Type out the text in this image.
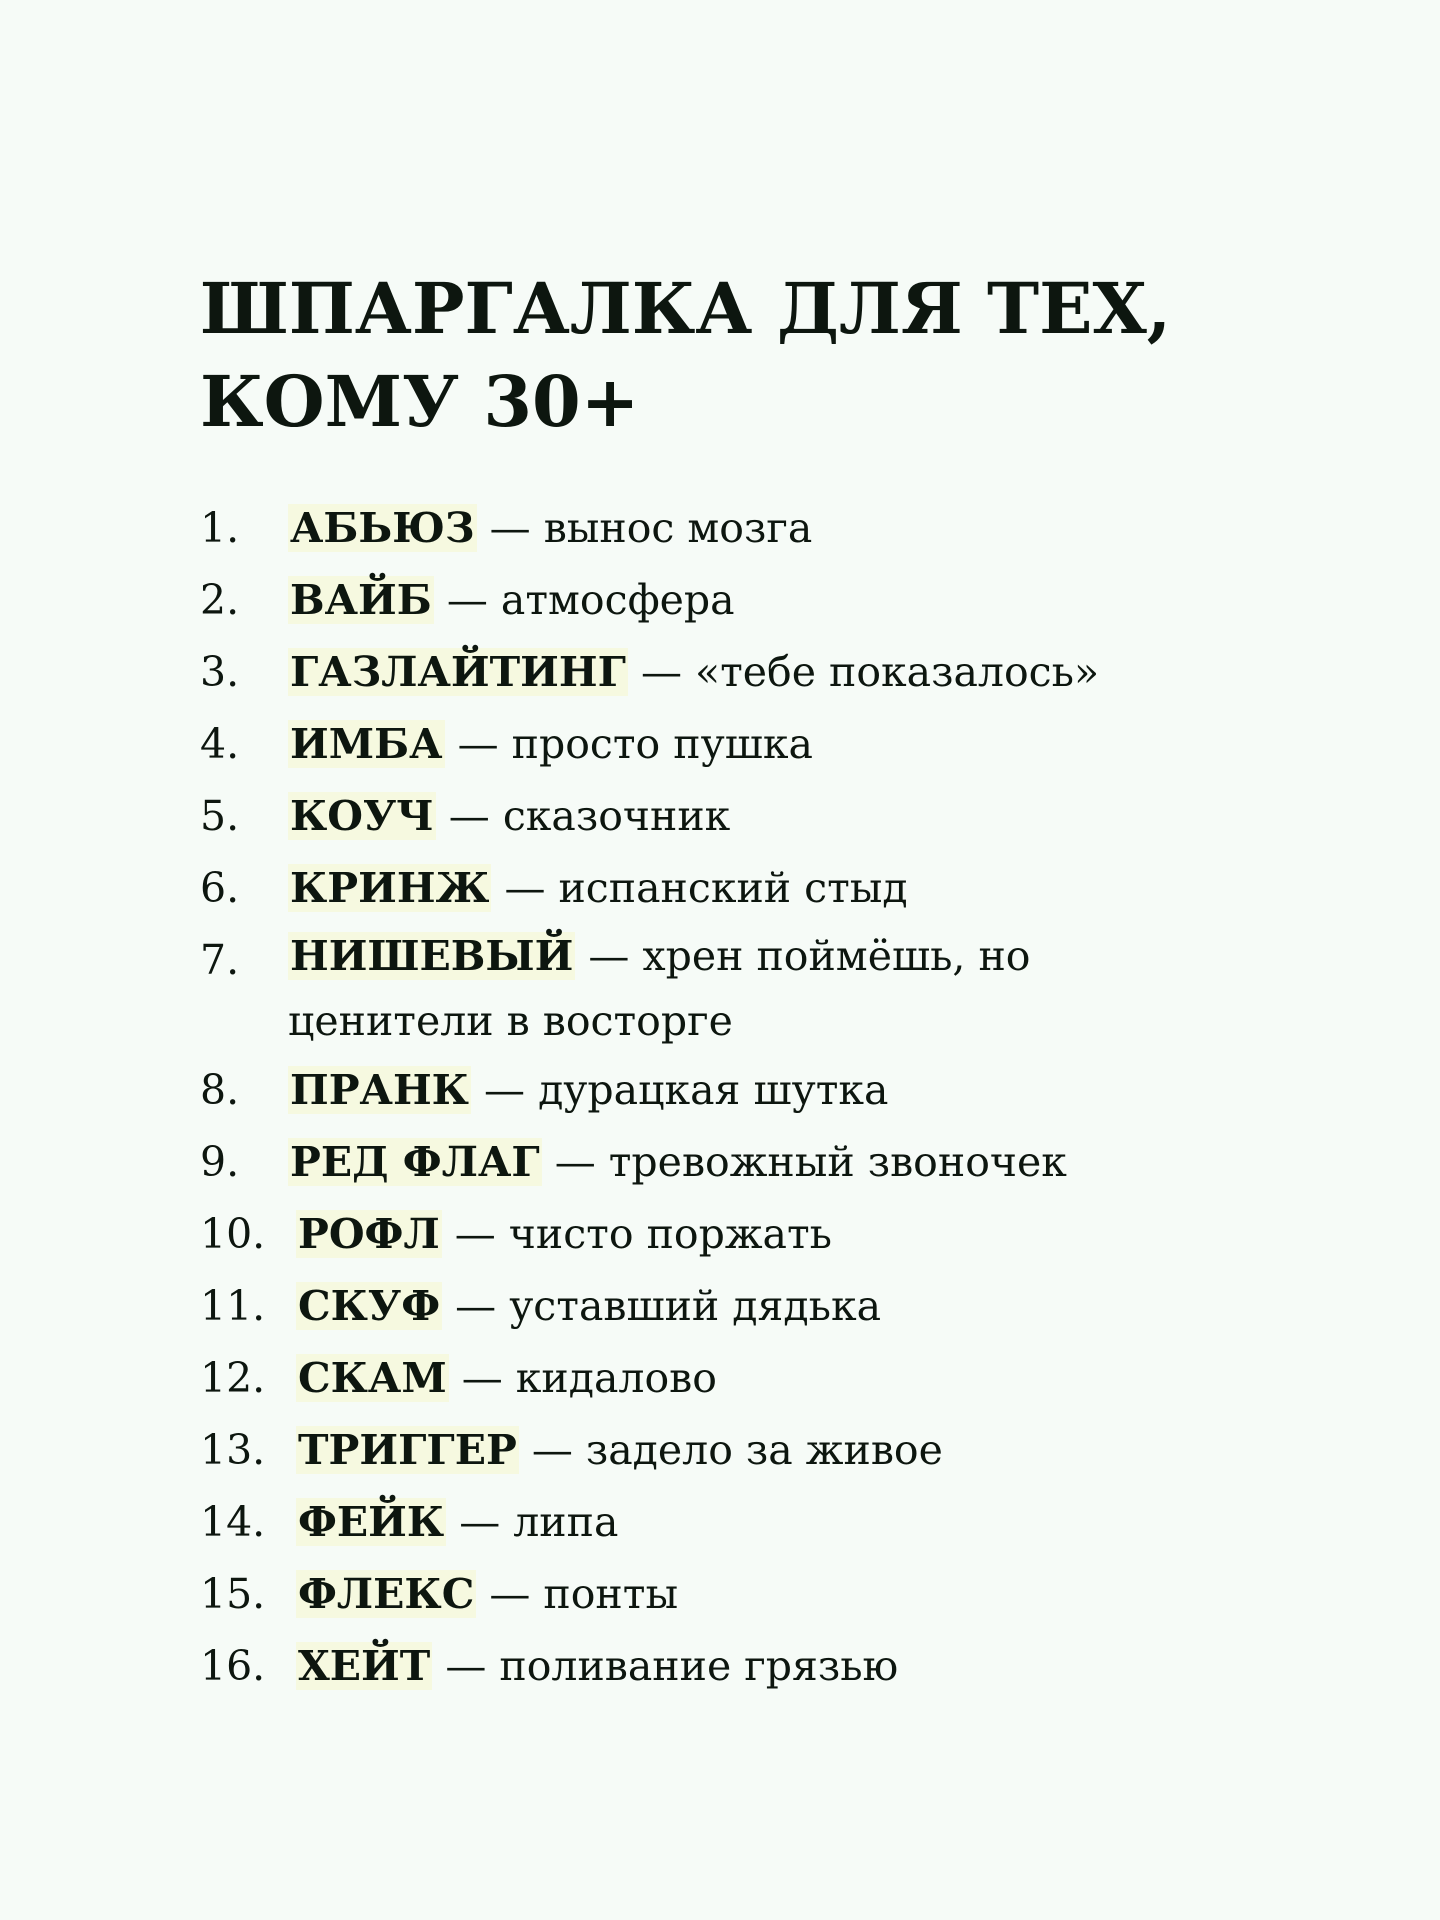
ШПАРГАЛКА ДЛЯ ТЕХ,
КОМУ 30+
1.	АБЬЮЗ — вынос мозга
2.	ВАЙБ — атмосфера
3.	ГАЗЛАЙТИНГ — «тебе показалось»
4.	ИМБА — просто пушка
5.	КОУЧ — сказочник
6.	КРИНЖ — испанский стыд
7.	НИШЕВЫЙ — хрен поймёшь, но ценители в восторге
8.	ПРАНК — дурацкая шутка
9.	РЕД ФЛАГ — тревожный звоночек
10. РОФЛ — чисто поржать
11. СКУФ — уставший дядька
12. СКАМ — кидалово
13. ТРИГГЕР — задело за живое
14. ФЕЙК — липа
15. ФЛЕКС — понты
16. ХЕЙТ — поливание грязью
